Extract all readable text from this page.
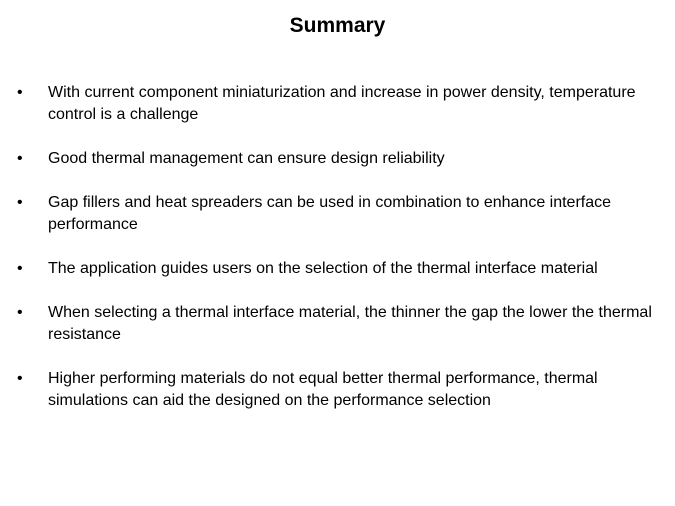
Summary
•	With current component miniaturization and increase in power density, temperature control is a challenge
•	Good thermal management can ensure design reliability
•	Gap fillers and heat spreaders can be used in combination to enhance interface performance
•	The application guides users on the selection of the thermal interface material
•	When selecting a thermal interface material, the thinner the gap the lower the thermal resistance
•	Higher performing materials do not equal better thermal performance, thermal simulations can aid the designed on the performance selection
